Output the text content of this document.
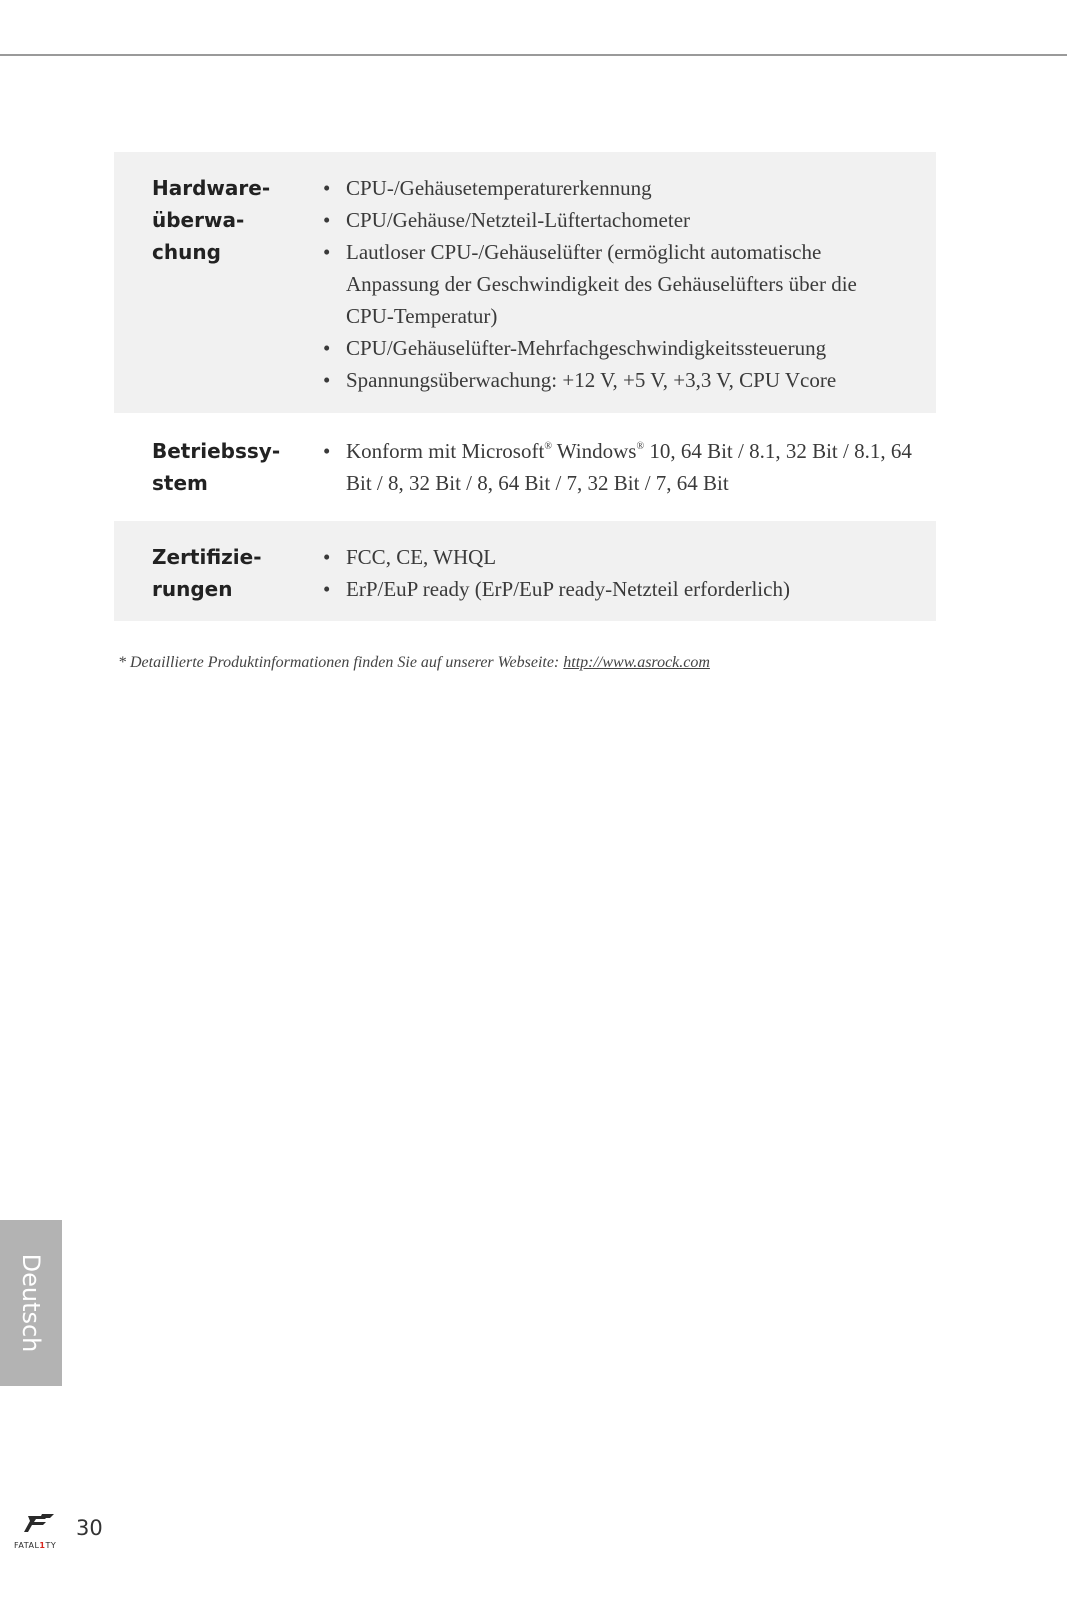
Hardware-
überwa-
chung
• CPU-/Gehäusetemperaturerkennung
• CPU/Gehäuse/Netzteil-Lüftertachometer
• Lautloser CPU-/Gehäuselüfter (ermöglicht automatische
Anpassung der Geschwindigkeit des Gehäuselüfters über die
CPU-Temperatur)
• CPU/Gehäuselüfter-Mehrfachgeschwindigkeitssteuerung
• Spannungsüberwachung: +12 V, +5 V, +3,3 V, CPU Vcore
Betriebssy-
stem
• Konform mit Microsoft® Windows® 10, 64 Bit / 8.1, 32 Bit / 8.1, 64
Bit / 8, 32 Bit / 8, 64 Bit / 7, 32 Bit / 7, 64 Bit
Zertifizie-
rungen
• FCC, CE, WHQL
• ErP/EuP ready (ErP/EuP ready-Netzteil erforderlich)
* Detaillierte Produktinformationen finden Sie auf unserer Webseite: http://www.asrock.com
Deutsch
FATAL1TY
30
